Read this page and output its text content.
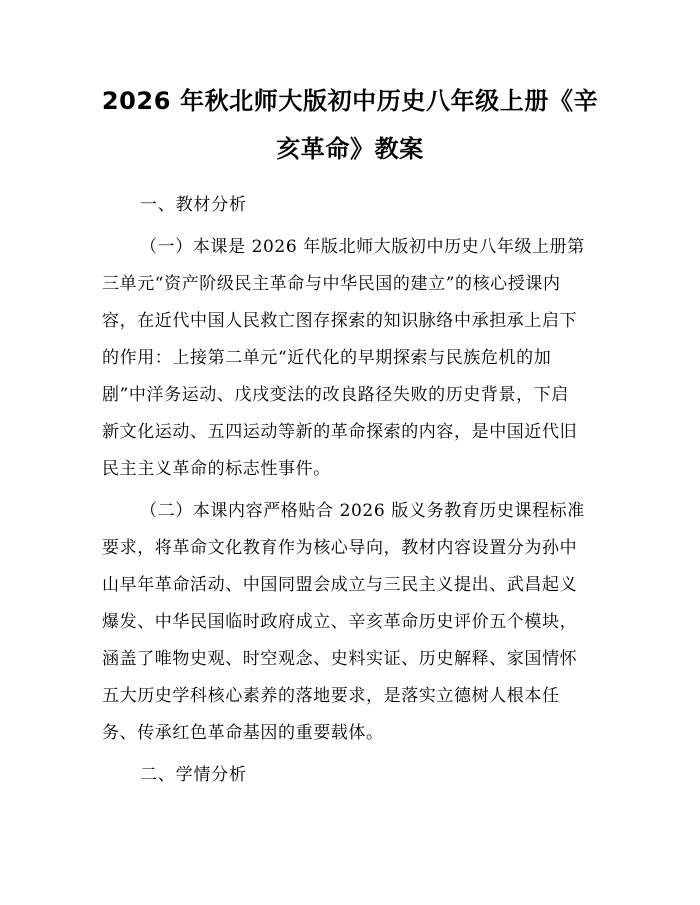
2026 年秋北师大版初中历史八年级上册《辛
亥革命》教案
一、教材分析
（一）本课是 2026 年版北师大版初中历史八年级上册第
三单元“资产阶级民主革命与中华民国的建立”的核心授课内
容，在近代中国人民救亡图存探索的知识脉络中承担承上启下
的作用：上接第二单元“近代化的早期探索与民族危机的加
剧”中洋务运动、戊戌变法的改良路径失败的历史背景，下启
新文化运动、五四运动等新的革命探索的内容，是中国近代旧
民主主义革命的标志性事件。
（二）本课内容严格贴合 2026 版义务教育历史课程标准
要求，将革命文化教育作为核心导向，教材内容设置分为孙中
山早年革命活动、中国同盟会成立与三民主义提出、武昌起义
爆发、中华民国临时政府成立、辛亥革命历史评价五个模块，
涵盖了唯物史观、时空观念、史料实证、历史解释、家国情怀
五大历史学科核心素养的落地要求，是落实立德树人根本任
务、传承红色革命基因的重要载体。
二、学情分析
